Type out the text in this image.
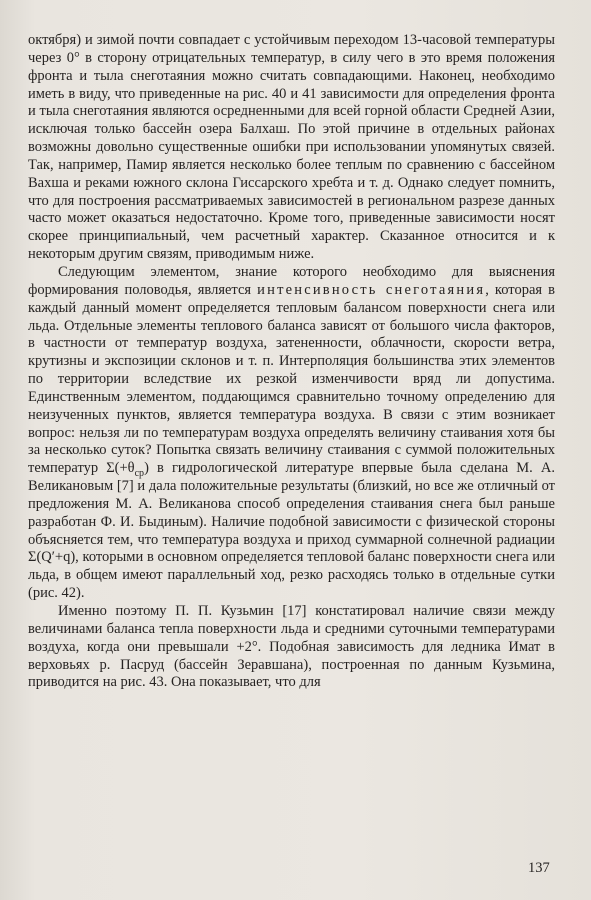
октября) и зимой почти совпадает с устойчивым переходом 13-часовой температуры через 0° в сторону отрицательных температур, в силу чего в это время положения фронта и тыла снеготаяния можно считать совпадающими. Наконец, необходимо иметь в виду, что приведенные на рис. 40 и 41 зависимости для определения фронта и тыла снеготаяния являются осредненными для всей горной области Средней Азии, исключая только бассейн озера Балхаш. По этой причине в отдельных районах возможны довольно существенные ошибки при использовании упомянутых связей. Так, например, Памир является несколько более теплым по сравнению с бассейном Вахша и реками южного склона Гиссарского хребта и т. д. Однако следует помнить, что для построения рассматриваемых зависимостей в региональном разрезе данных часто может оказаться недостаточно. Кроме того, приведенные зависимости носят скорее принципиальный, чем расчетный характер. Сказанное относится и к некоторым другим связям, приводимым ниже.

Следующим элементом, знание которого необходимо для выяснения формирования половодья, является интенсивность снеготаяния, которая в каждый данный момент определяется тепловым балансом поверхности снега или льда. Отдельные элементы теплового баланса зависят от большого числа факторов, в частности от температур воздуха, затененности, облачности, скорости ветра, крутизны и экспозиции склонов и т. п. Интерполяция большинства этих элементов по территории вследствие их резкой изменчивости вряд ли допустима. Единственным элементом, поддающимся сравнительно точному определению для неизученных пунктов, является температура воздуха. В связи с этим возникает вопрос: нельзя ли по температурам воздуха определять величину стаивания хотя бы за несколько суток? Попытка связать величину стаивания с суммой положительных температур $\Sigma(+\theta_{ср})$ в гидрологической литературе впервые была сделана М. А. Великановым [7] и дала положительные результаты (близкий, но все же отличный от предложения М. А. Великанова способ определения стаивания снега был раньше разработан Ф. И. Быдиным). Наличие подобной зависимости с физической стороны объясняется тем, что температура воздуха и приход суммарной солнечной радиации Σ(Q′+q), которыми в основном определяется тепловой баланс поверхности снега или льда, в общем имеют параллельный ход, резко расходясь только в отдельные сутки (рис. 42).

Именно поэтому П. П. Кузьмин [17] констатировал наличие связи между величинами баланса тепла поверхности льда и средними суточными температурами воздуха, когда они превышали +2°. Подобная зависимость для ледника Имат в верховьях р. Пасруд (бассейн Зеравшана), построенная по данным Кузьмина, приводится на рис. 43. Она показывает, что для

137
